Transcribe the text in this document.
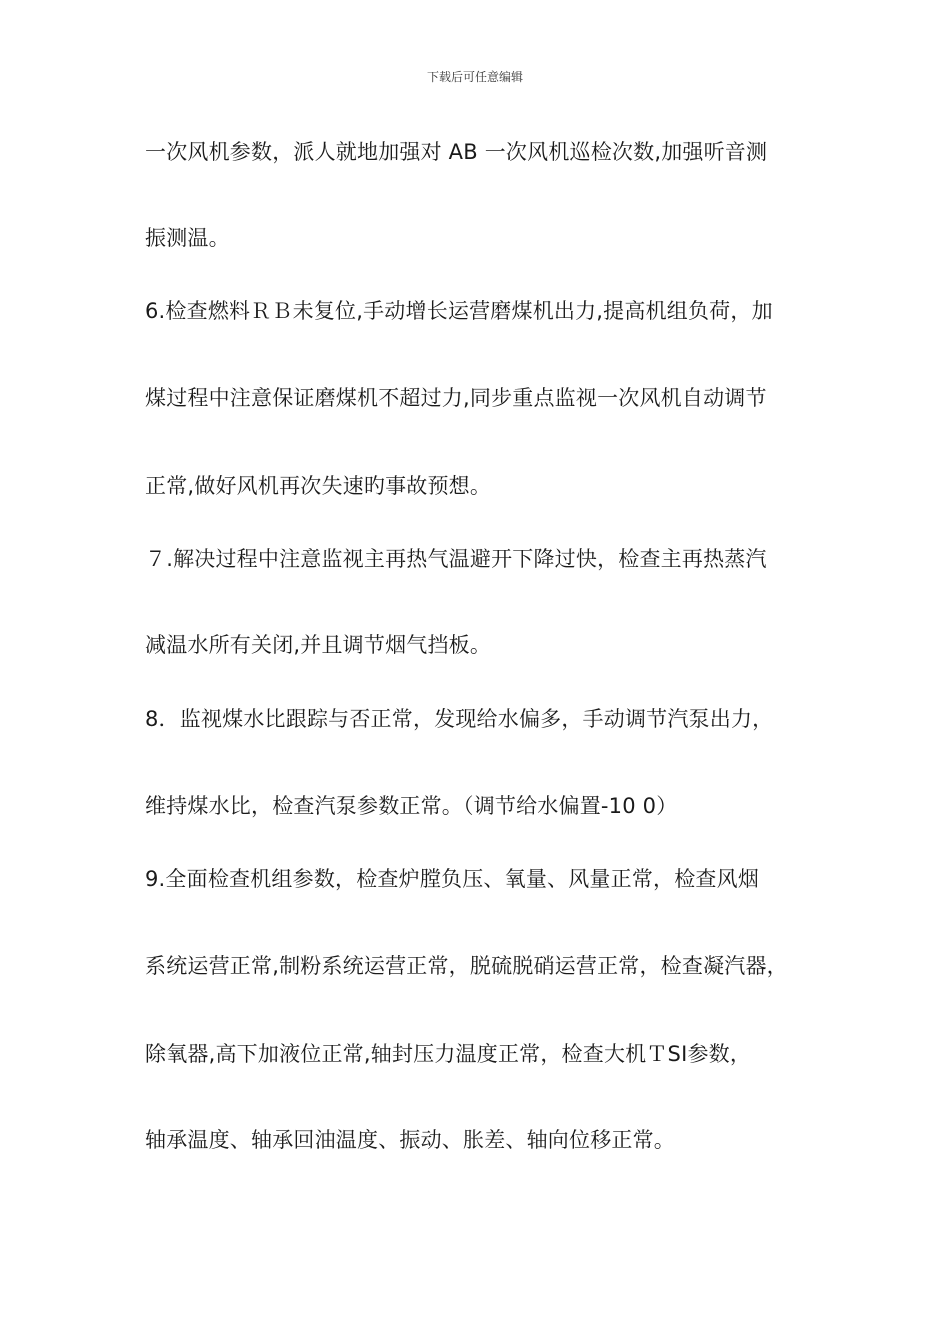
下载后可任意编辑
一次风机参数，派人就地加强对 AB 一次风机巡检次数,加强听音测
振测温。
6.检查燃料ＲＢ未复位,手动增长运营磨煤机出力,提高机组负荷，加
煤过程中注意保证磨煤机不超过力,同步重点监视一次风机自动调节
正常,做好风机再次失速旳事故预想。
７.解决过程中注意监视主再热气温避开下降过快，检查主再热蒸汽
减温水所有关闭,并且调节烟气挡板。
8．监视煤水比跟踪与否正常，发现给水偏多，手动调节汽泵出力，
维持煤水比，检查汽泵参数正常。（调节给水偏置-10 0）
9.全面检查机组参数，检查炉膛负压、氧量、风量正常，检查风烟
系统运营正常,制粉系统运营正常，脱硫脱硝运营正常，检查凝汽器，
除氧器,高下加液位正常,轴封压力温度正常，检查大机ＴSI参数，
轴承温度、轴承回油温度、振动、胀差、轴向位移正常。
